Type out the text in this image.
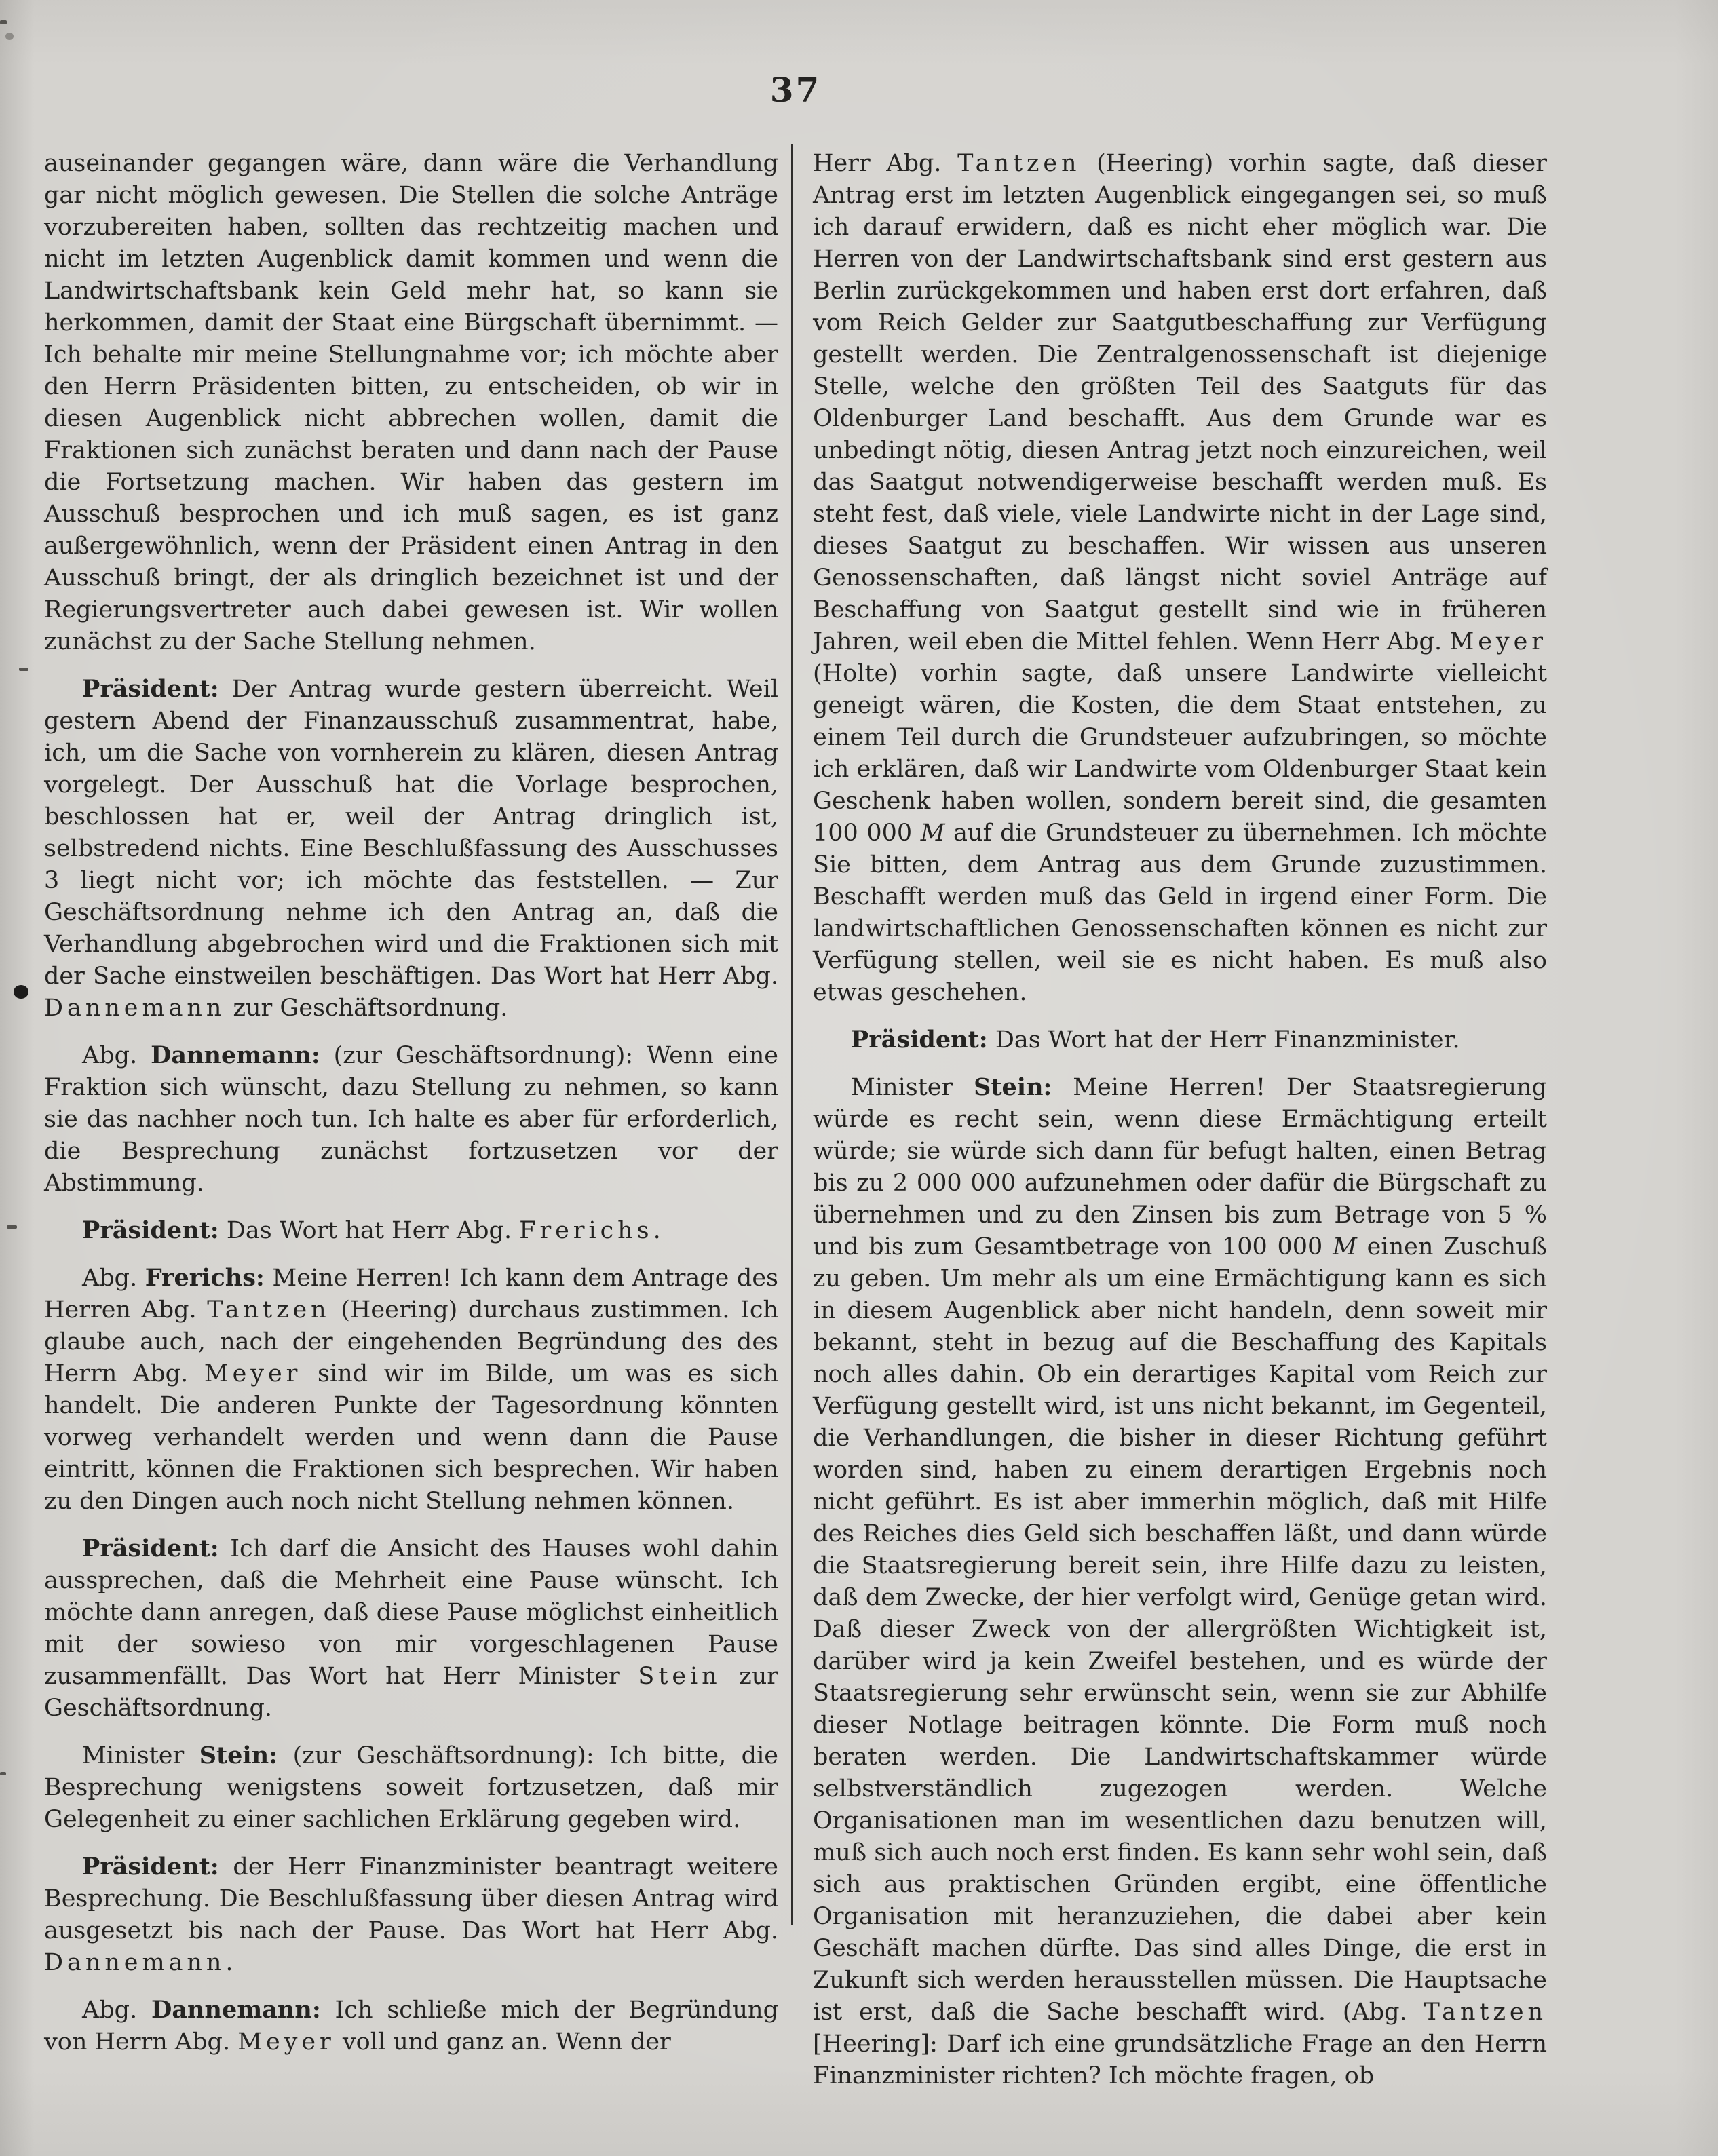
37

auseinander gegangen wäre, dann wäre die Verhandlung gar nicht möglich gewesen. Die Stellen die solche Anträge vorzubereiten haben, sollten das rechtzeitig machen und nicht im letzten Augenblick damit kommen und wenn die Landwirtschaftsbank kein Geld mehr hat, so kann sie herkommen, damit der Staat eine Bürgschaft übernimmt. — Ich behalte mir meine Stellungnahme vor; ich möchte aber den Herrn Präsidenten bitten, zu entscheiden, ob wir in diesen Augenblick nicht abbrechen wollen, damit die Fraktionen sich zunächst beraten und dann nach der Pause die Fortsetzung machen. Wir haben das gestern im Ausschuß besprochen und ich muß sagen, es ist ganz außergewöhnlich, wenn der Präsident einen Antrag in den Ausschuß bringt, der als dringlich bezeichnet ist und der Regierungsvertreter auch dabei gewesen ist. Wir wollen zunächst zu der Sache Stellung nehmen.

Präsident: Der Antrag wurde gestern überreicht. Weil gestern Abend der Finanzausschuß zusammentrat, habe, ich, um die Sache von vornherein zu klären, diesen Antrag vorgelegt. Der Ausschuß hat die Vorlage besprochen, beschlossen hat er, weil der Antrag dringlich ist, selbstredend nichts. Eine Beschlußfassung des Ausschusses 3 liegt nicht vor; ich möchte das feststellen. — Zur Geschäftsordnung nehme ich den Antrag an, daß die Verhandlung abgebrochen wird und die Fraktionen sich mit der Sache einstweilen beschäftigen. Das Wort hat Herr Abg. Dannemann zur Geschäftsordnung.

Abg. Dannemann: (zur Geschäftsordnung): Wenn eine Fraktion sich wünscht, dazu Stellung zu nehmen, so kann sie das nachher noch tun. Ich halte es aber für erforderlich, die Besprechung zunächst fortzusetzen vor der Abstimmung.

Präsident: Das Wort hat Herr Abg. Frerichs.

Abg. Frerichs: Meine Herren! Ich kann dem Antrage des Herren Abg. Tantzen (Heering) durchaus zustimmen. Ich glaube auch, nach der eingehenden Begründung des des Herrn Abg. Meyer sind wir im Bilde, um was es sich handelt. Die anderen Punkte der Tagesordnung könnten vorweg verhandelt werden und wenn dann die Pause eintritt, können die Fraktionen sich besprechen. Wir haben zu den Dingen auch noch nicht Stellung nehmen können.

Präsident: Ich darf die Ansicht des Hauses wohl dahin aussprechen, daß die Mehrheit eine Pause wünscht. Ich möchte dann anregen, daß diese Pause möglichst einheitlich mit der sowieso von mir vorgeschlagenen Pause zusammenfällt. Das Wort hat Herr Minister Stein zur Geschäftsordnung.

Minister Stein: (zur Geschäftsordnung): Ich bitte, die Besprechung wenigstens soweit fortzusetzen, daß mir Gelegenheit zu einer sachlichen Erklärung gegeben wird.

Präsident: der Herr Finanzminister beantragt weitere Besprechung. Die Beschlußfassung über diesen Antrag wird ausgesetzt bis nach der Pause. Das Wort hat Herr Abg. Dannemann.

Abg. Dannemann: Ich schließe mich der Begründung von Herrn Abg. Meyer voll und ganz an. Wenn der

Herr Abg. Tantzen (Heering) vorhin sagte, daß dieser Antrag erst im letzten Augenblick eingegangen sei, so muß ich darauf erwidern, daß es nicht eher möglich war. Die Herren von der Landwirtschaftsbank sind erst gestern aus Berlin zurückgekommen und haben erst dort erfahren, daß vom Reich Gelder zur Saatgutbeschaffung zur Verfügung gestellt werden. Die Zentralgenossenschaft ist diejenige Stelle, welche den größten Teil des Saatguts für das Oldenburger Land beschafft. Aus dem Grunde war es unbedingt nötig, diesen Antrag jetzt noch einzureichen, weil das Saatgut notwendigerweise beschafft werden muß. Es steht fest, daß viele, viele Landwirte nicht in der Lage sind, dieses Saatgut zu beschaffen. Wir wissen aus unseren Genossenschaften, daß längst nicht soviel Anträge auf Beschaffung von Saatgut gestellt sind wie in früheren Jahren, weil eben die Mittel fehlen. Wenn Herr Abg. Meyer (Holte) vorhin sagte, daß unsere Landwirte vielleicht geneigt wären, die Kosten, die dem Staat entstehen, zu einem Teil durch die Grundsteuer aufzubringen, so möchte ich erklären, daß wir Landwirte vom Oldenburger Staat kein Geschenk haben wollen, sondern bereit sind, die gesamten 100 000 M auf die Grundsteuer zu übernehmen. Ich möchte Sie bitten, dem Antrag aus dem Grunde zuzustimmen. Beschafft werden muß das Geld in irgend einer Form. Die landwirtschaftlichen Genossenschaften können es nicht zur Verfügung stellen, weil sie es nicht haben. Es muß also etwas geschehen.

Präsident: Das Wort hat der Herr Finanzminister.

Minister Stein: Meine Herren! Der Staatsregierung würde es recht sein, wenn diese Ermächtigung erteilt würde; sie würde sich dann für befugt halten, einen Betrag bis zu 2 000 000 aufzunehmen oder dafür die Bürgschaft zu übernehmen und zu den Zinsen bis zum Betrage von 5 % und bis zum Gesamtbetrage von 100 000 M einen Zuschuß zu geben. Um mehr als um eine Ermächtigung kann es sich in diesem Augenblick aber nicht handeln, denn soweit mir bekannt, steht in bezug auf die Beschaffung des Kapitals noch alles dahin. Ob ein derartiges Kapital vom Reich zur Verfügung gestellt wird, ist uns nicht bekannt, im Gegenteil, die Verhandlungen, die bisher in dieser Richtung geführt worden sind, haben zu einem derartigen Ergebnis noch nicht geführt. Es ist aber immerhin möglich, daß mit Hilfe des Reiches dies Geld sich beschaffen läßt, und dann würde die Staatsregierung bereit sein, ihre Hilfe dazu zu leisten, daß dem Zwecke, der hier verfolgt wird, Genüge getan wird. Daß dieser Zweck von der allergrößten Wichtigkeit ist, darüber wird ja kein Zweifel bestehen, und es würde der Staatsregierung sehr erwünscht sein, wenn sie zur Abhilfe dieser Notlage beitragen könnte. Die Form muß noch beraten werden. Die Landwirtschaftskammer würde selbstverständlich zugezogen werden. Welche Organisationen man im wesentlichen dazu benutzen will, muß sich auch noch erst finden. Es kann sehr wohl sein, daß sich aus praktischen Gründen ergibt, eine öffentliche Organisation mit heranzuziehen, die dabei aber kein Geschäft machen dürfte. Das sind alles Dinge, die erst in Zukunft sich werden herausstellen müssen. Die Hauptsache ist erst, daß die Sache beschafft wird. (Abg. Tantzen [Heering]: Darf ich eine grundsätzliche Frage an den Herrn Finanzminister richten? Ich möchte fragen, ob
